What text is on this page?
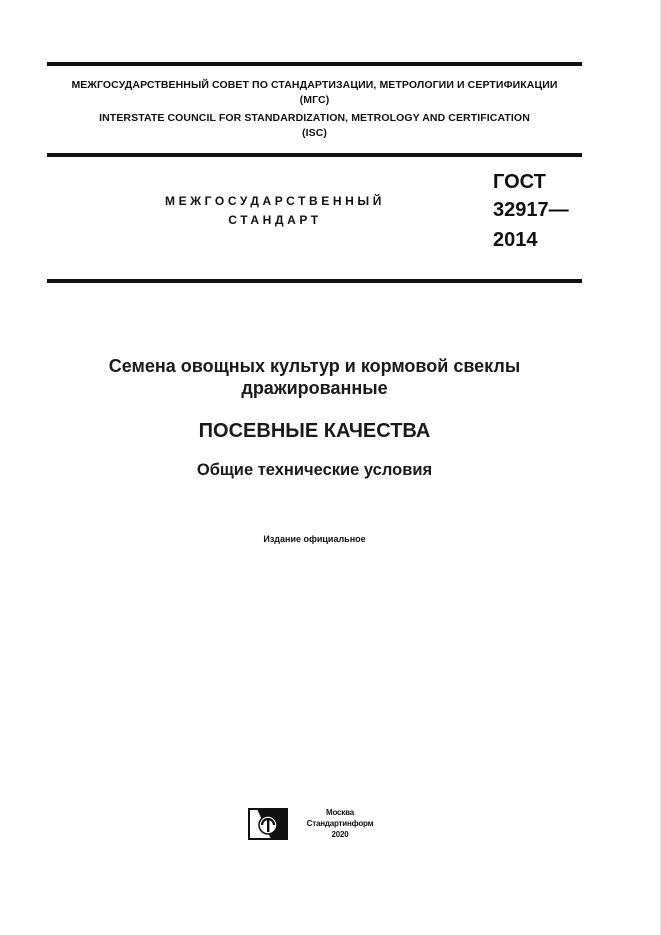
МЕЖГОСУДАРСТВЕННЫЙ СОВЕТ ПО СТАНДАРТИЗАЦИИ, МЕТРОЛОГИИ И СЕРТИФИКАЦИИ
(МГС)
INTERSTATE COUNCIL FOR STANDARDIZATION, METROLOGY AND CERTIFICATION
(ISC)
МЕЖГОСУДАРСТВЕННЫЙ
СТАНДАРТ
ГОСТ
32917—
2014
Семена овощных культур и кормовой свеклы
дражированные
ПОСЕВНЫЕ КАЧЕСТВА
Общие технические условия
Издание официальное
Москва
Стандартинформ
2020
